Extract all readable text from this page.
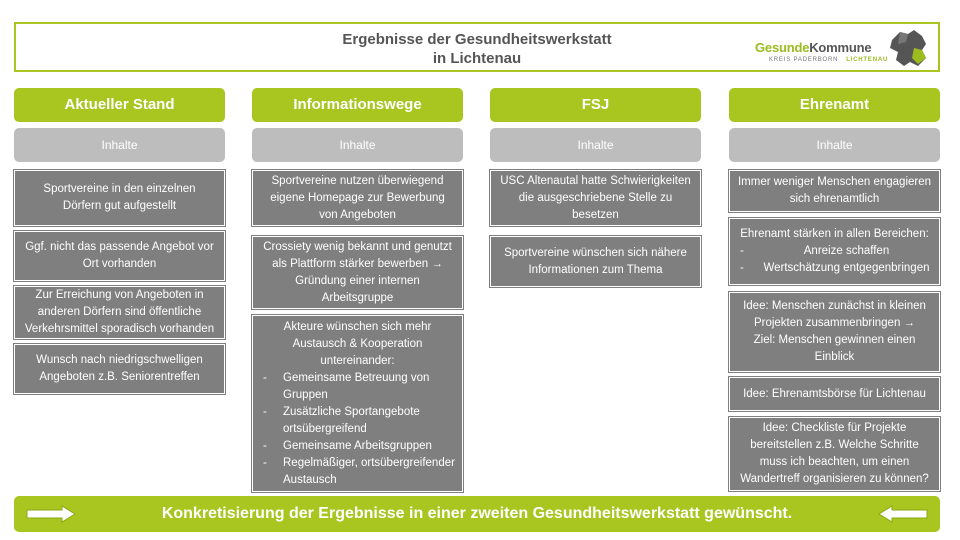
Ergebnisse der Gesundheitswerkstatt
in Lichtenau
GesundeKommune
KREIS PADERBORN LICHTENAU
Aktueller Stand
Inhalte
Sportvereine in den einzelnen
Dörfern gut aufgestellt
Ggf. nicht das passende Angebot vor
Ort vorhanden
Zur Erreichung von Angeboten in
anderen Dörfern sind öffentliche
Verkehrsmittel sporadisch vorhanden
Wunsch nach niedrigschwelligen
Angeboten z.B. Seniorentreffen
Informationswege
Inhalte
Sportvereine nutzen überwiegend
eigene Homepage zur Bewerbung
von Angeboten
Crossiety wenig bekannt und genutzt
als Plattform stärker bewerben →
Gründung einer internen
Arbeitsgruppe
Akteure wünschen sich mehr
Austausch & Kooperation
untereinander:
-	Gemeinsame Betreuung von
Gruppen
-	Zusätzliche Sportangebote
ortsübergreifend
-	Gemeinsame Arbeitsgruppen
-	Regelmäßiger, ortsübergreifender
Austausch
FSJ
Inhalte
USC Altenautal hatte Schwierigkeiten
die ausgeschriebene Stelle zu
besetzen
Sportvereine wünschen sich nähere
Informationen zum Thema
Ehrenamt
Inhalte
Immer weniger Menschen engagieren
sich ehrenamtlich
Ehrenamt stärken in allen Bereichen:
-	Anreize schaffen
-	Wertschätzung entgegenbringen
Idee: Menschen zunächst in kleinen
Projekten zusammenbringen →
Ziel: Menschen gewinnen einen
Einblick
Idee: Ehrenamtsbörse für Lichtenau
Idee: Checkliste für Projekte
bereitstellen z.B. Welche Schritte
muss ich beachten, um einen
Wandertreff organisieren zu können?
Konkretisierung der Ergebnisse in einer zweiten Gesundheitswerkstatt gewünscht.
